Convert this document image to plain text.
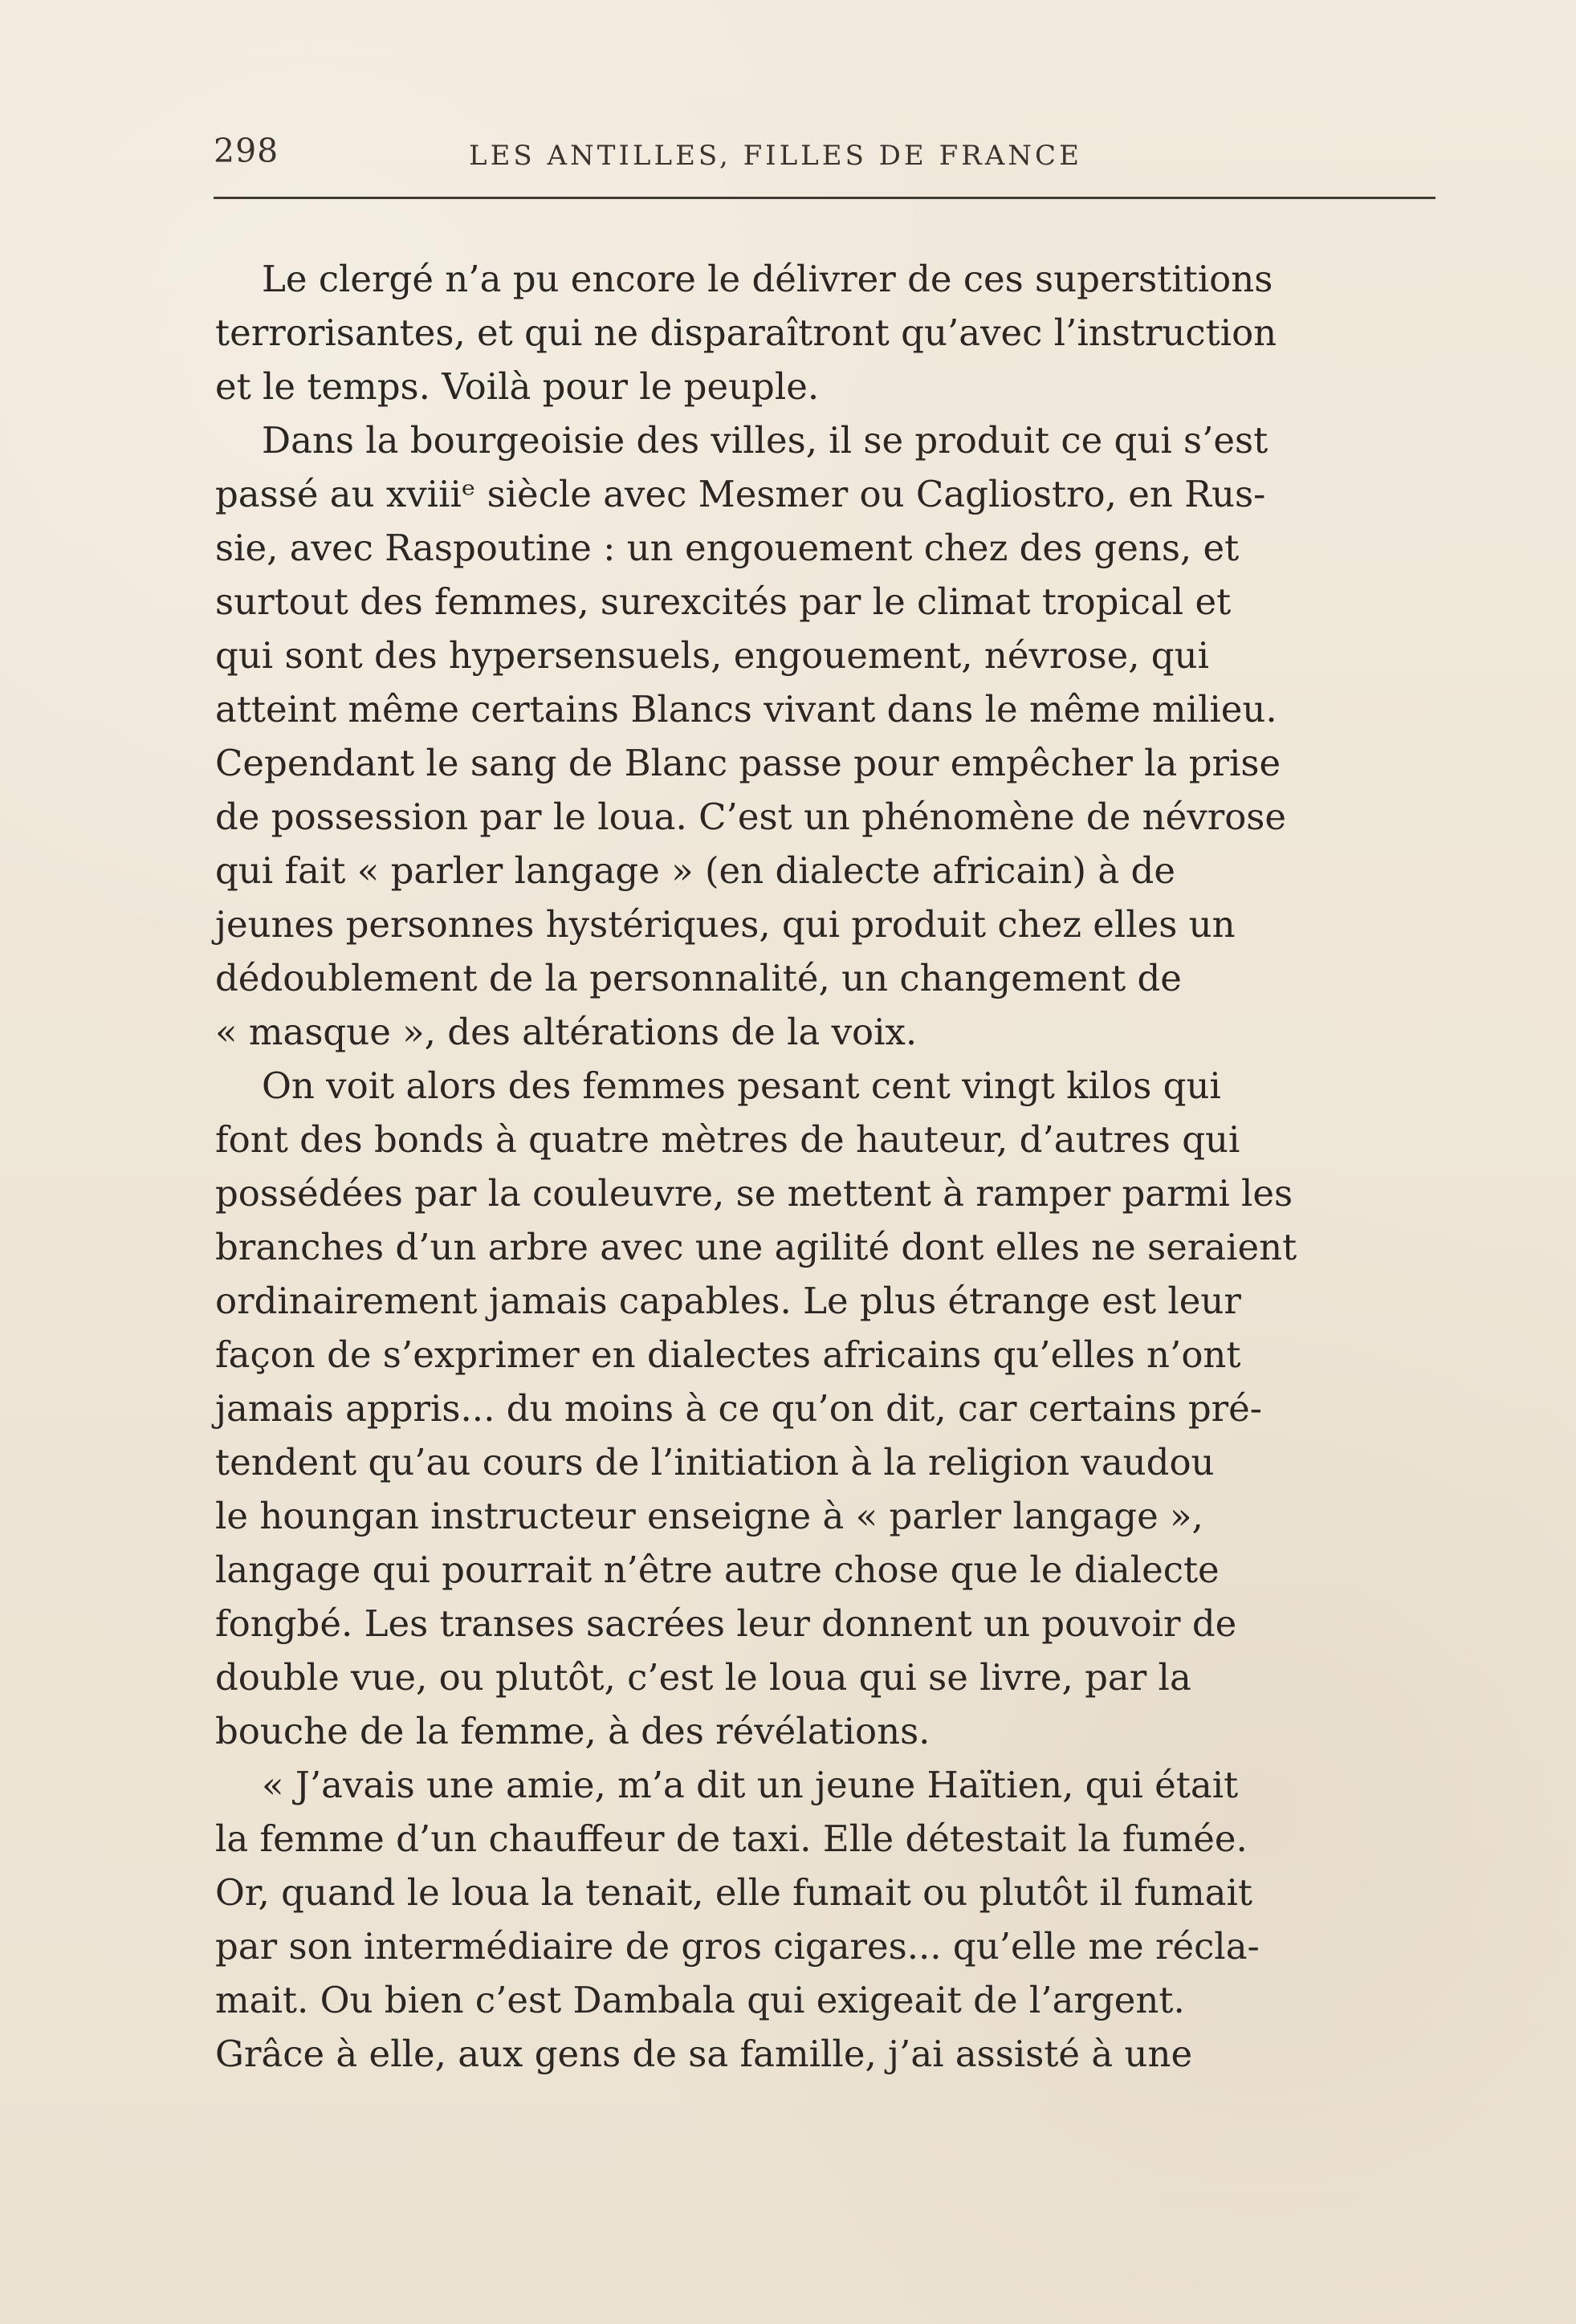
298	LES ANTILLES, FILLES DE FRANCE
Le clergé n’a pu encore le délivrer de ces superstitions
terrorisantes, et qui ne disparaîtront qu’avec l’instruction
et le temps. Voilà pour le peuple.
Dans la bourgeoisie des villes, il se produit ce qui s’est
passé au xviiiᵉ siècle avec Mesmer ou Cagliostro, en Rus-
sie, avec Raspoutine : un engouement chez des gens, et
surtout des femmes, surexcités par le climat tropical et
qui sont des hypersensuels, engouement, névrose, qui
atteint même certains Blancs vivant dans le même milieu.
Cependant le sang de Blanc passe pour empêcher la prise
de possession par le loua. C’est un phénomène de névrose
qui fait « parler langage » (en dialecte africain) à de
jeunes personnes hystériques, qui produit chez elles un
dédoublement de la personnalité, un changement de
« masque », des altérations de la voix.
On voit alors des femmes pesant cent vingt kilos qui
font des bonds à quatre mètres de hauteur, d’autres qui
possédées par la couleuvre, se mettent à ramper parmi les
branches d’un arbre avec une agilité dont elles ne seraient
ordinairement jamais capables. Le plus étrange est leur
façon de s’exprimer en dialectes africains qu’elles n’ont
jamais appris... du moins à ce qu’on dit, car certains pré-
tendent qu’au cours de l’initiation à la religion vaudou
le houngan instructeur enseigne à « parler langage »,
langage qui pourrait n’être autre chose que le dialecte
fongbé. Les transes sacrées leur donnent un pouvoir de
double vue, ou plutôt, c’est le loua qui se livre, par la
bouche de la femme, à des révélations.
« J’avais une amie, m’a dit un jeune Haïtien, qui était
la femme d’un chauffeur de taxi. Elle détestait la fumée.
Or, quand le loua la tenait, elle fumait ou plutôt il fumait
par son intermédiaire de gros cigares... qu’elle me récla-
mait. Ou bien c’est Dambala qui exigeait de l’argent.
Grâce à elle, aux gens de sa famille, j’ai assisté à une
